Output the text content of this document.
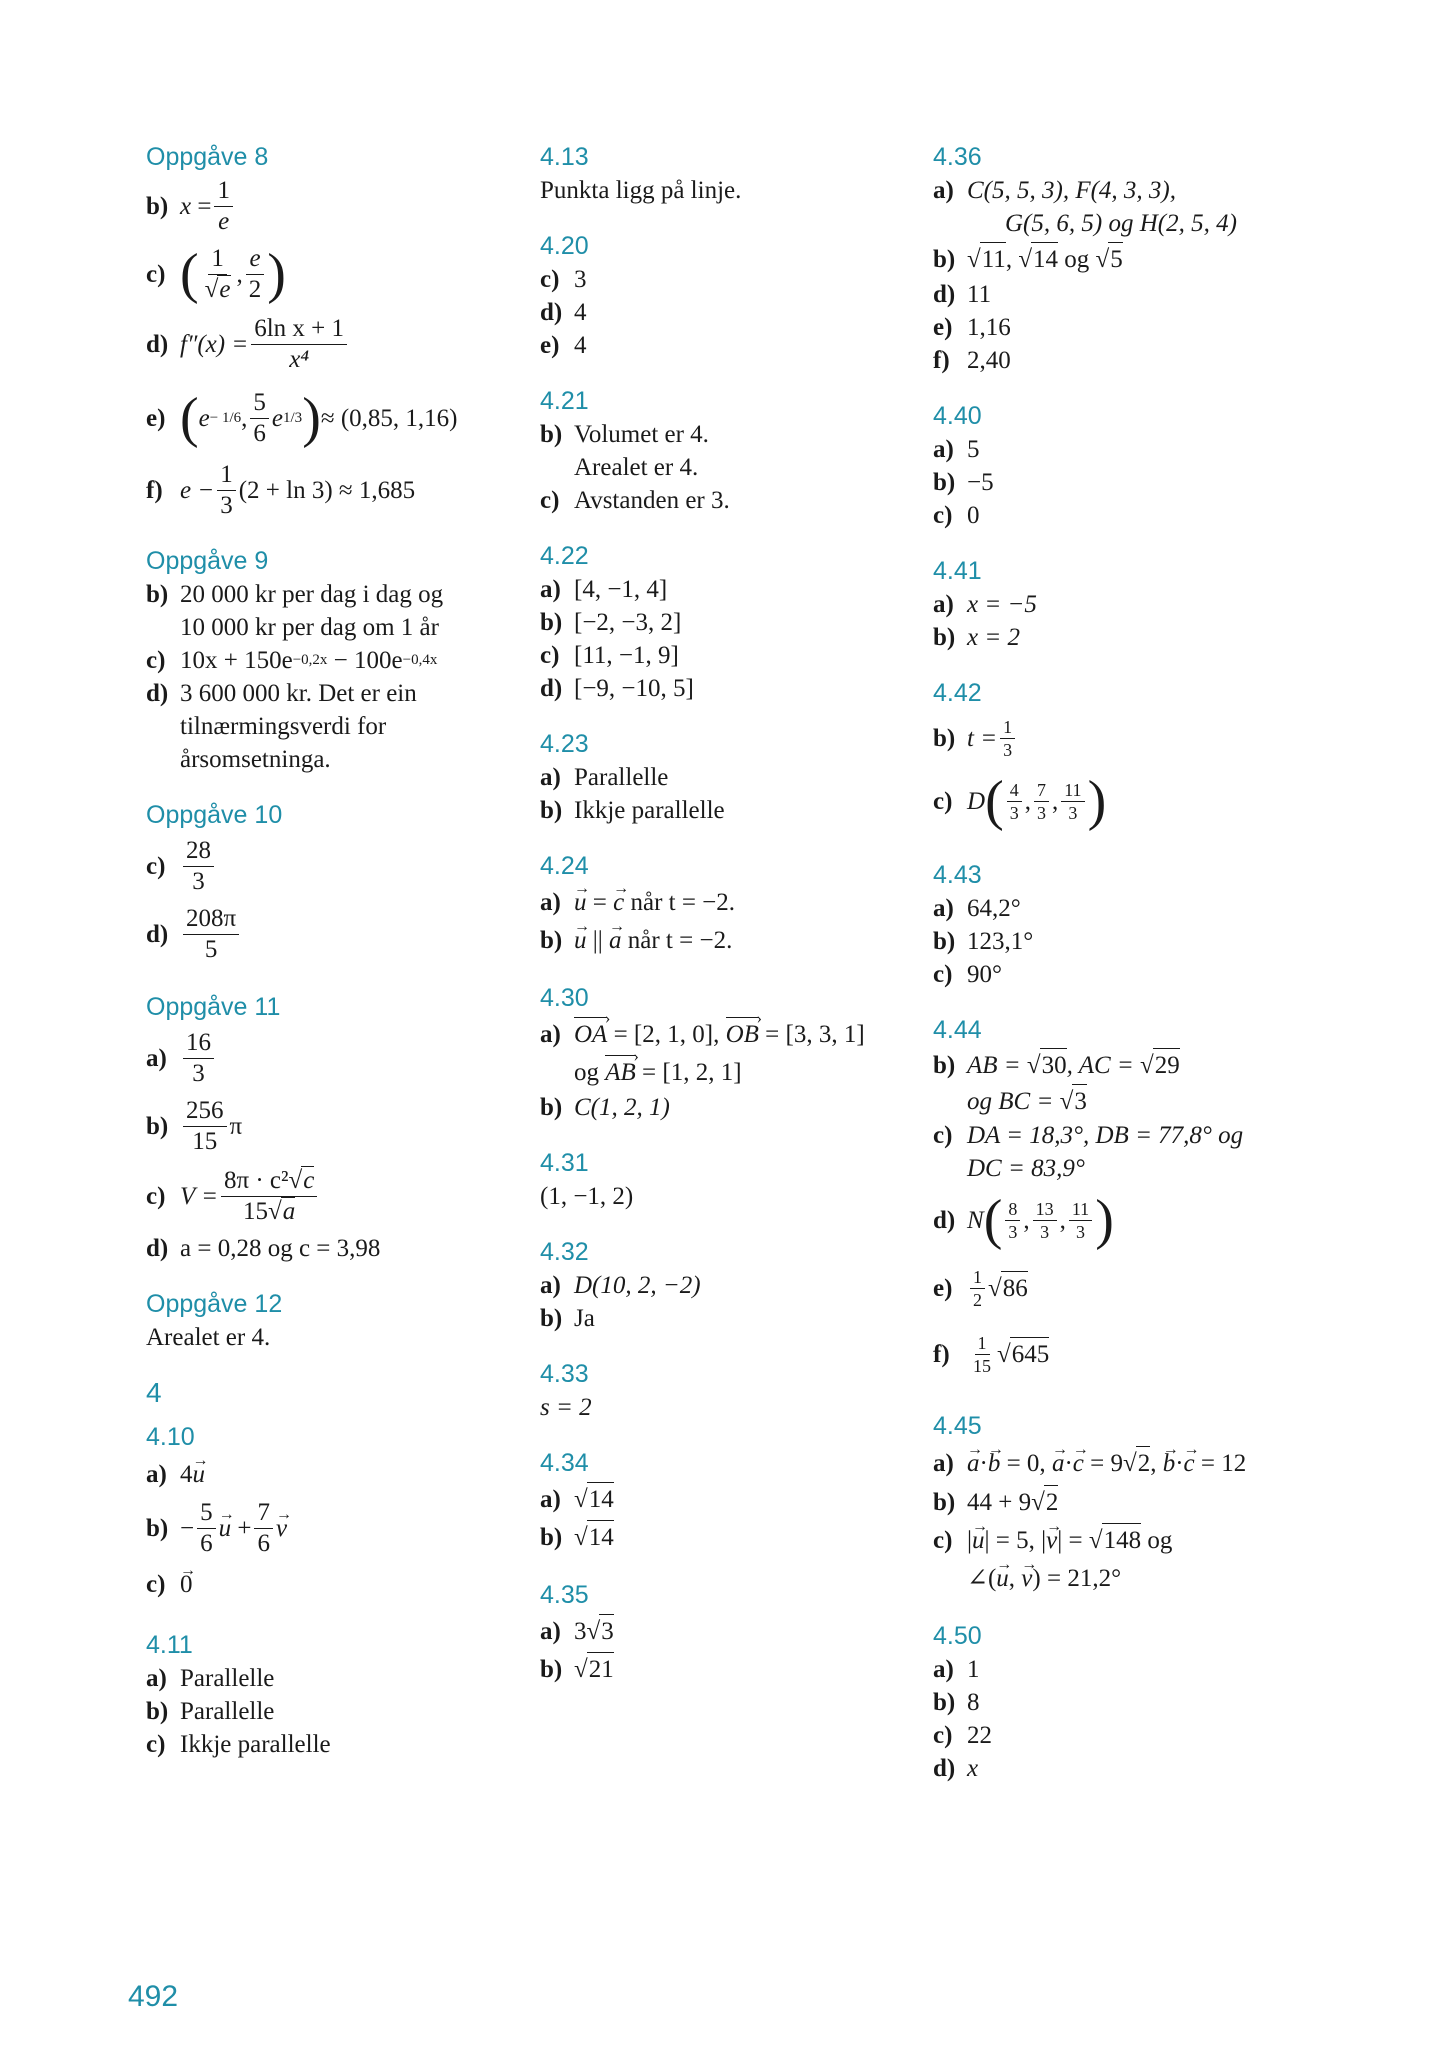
Oppgåve 8
b) $x = \frac{1}{e}$
c) ( $\frac{1}{√e}$ , $\frac{e}{2}$ )
d) $f''(x) = \frac{\text{6ln x + 1}}{\text{x⁴}}$
e) ( e − 1/6 , $\frac{5}{6}$ e 1/3 ) ≈ (0,85, 1,16)
f) $e - \frac{1}{3} (2 + \ln 3) \approx 1,685$
Oppgåve 9
b) 20 000 kr per dag i dag og
10 000 kr per dag om 1 år
c) 10x + 150e −0,2x − 100e −0,4x
d) 3 600 000 kr. Det er ein
tilnærmingsverdi for
årsomsetninga.
Oppgåve 10
$c) \frac{28}{3}$
$d) \frac{208\pi}{5}$
Oppgåve 11
$a) \frac{16}{3}$
$b) \frac{256}{15}$ π
c) $V = \frac{\text{8π · c²√c}}{15√a}$
d) a = 0,28 og c = 3,98
Oppgåve 12
Arealet er 4.
4
4.10
a) 4
→ u
$b) - \frac{5}{6}$
→ $u + \frac{7}{6}$
→ v
c)
→ 0
4.11
a) Parallelle
b) Parallelle
c) Ikkje parallelle
4.13
Punkta ligg på linje.
4.20
c) 3
d) 4
e) 4
4.21
b) Volumet er 4.
Arealet er 4.
c) Avstanden er 3.
4.22
a) [4, −1, 4]
b) [−2, −3, 2]
c) [11, −1, 9]
d) [−9, −10, 5]
4.23
a) Parallelle
b) Ikkje parallelle
4.24
a)
→ u =
→ c når t = −2.
b)
→ u ||
→ a når t = −2.
4.30
a) OA › = [2, 1, 0], OB › = [3, 3, 1]
og AB › = [1, 2, 1]
b) C(1, 2, 1)
4.31
(1, −1, 2)
4.32
a) D(10, 2, −2)
b) Ja
4.33
s = 2
4.34
a) √ 14
b) √ 14
4.35
a) 3 √ 3
b) √ 21
4.36
a) C(5, 5, 3), F(4, 3, 3),
G(5, 6, 5) og H(2, 5, 4)
b) √ 11 , √ 14 og √ 5
d) 11
e) 1,16
f) 2,40
4.40
a) 5
b) −5
c) 0
4.41
a) x = −5
b) x = 2
4.42
b) $t = \frac{1}{3}$
c) D ( $\frac{4}{3}$ , $\frac{7}{3}$ , $\frac{11}{3}$ )
4.43
a) 64,2°
b) 123,1°
c) 90°
4.44
b) AB = √ 30 , AC = √ 29
og BC = √ 3
c) DA = 18,3°, DB = 77,8° og
DC = 83,9°
d) N ( $\frac{8}{3}$ , $\frac{13}{3}$ , $\frac{11}{3}$ )
$e) \frac{1}{2}$ √ 86
f)	$\frac{1}{15}$ √ 645
4.45
a)
→ a ·
→ b = 0,
→ a ·
→ c = 9 √ 2 ,
→ b ·
→ c = 12
b) 44 + 9 √ 2
c) |
→ u | = 5, |
→ v | = √ 148 og
∠(
→ u ,
→ v ) = 21,2°
4.50
a) 1
b) 8
c) 22
d) x
492
